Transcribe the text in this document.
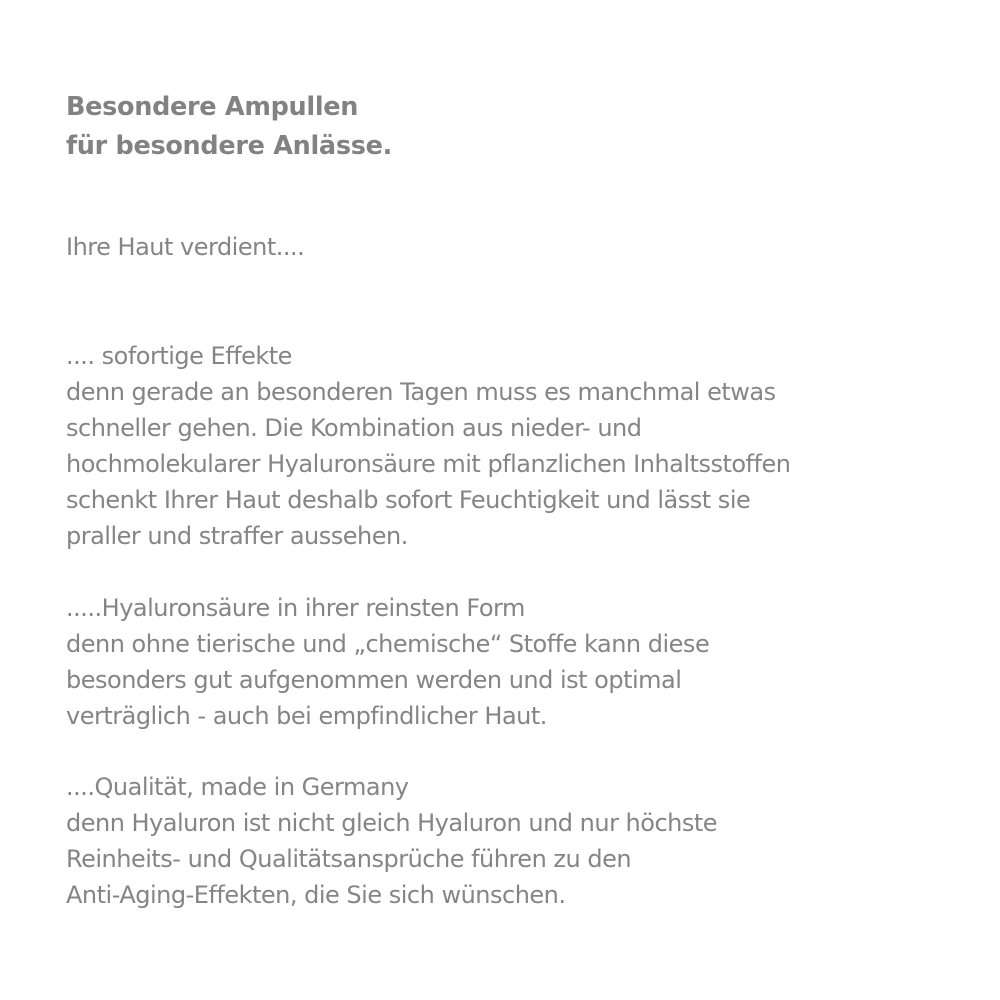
Besondere Ampullen
für besondere Anlässe.
Ihre Haut verdient....
.... sofortige Effekte
denn gerade an besonderen Tagen muss es manchmal etwas
schneller gehen. Die Kombination aus nieder- und
hochmolekularer Hyaluronsäure mit pflanzlichen Inhaltsstoffen
schenkt Ihrer Haut deshalb sofort Feuchtigkeit und lässt sie
praller und straffer aussehen.
.....Hyaluronsäure in ihrer reinsten Form
denn ohne tierische und „chemische“ Stoffe kann diese
besonders gut aufgenommen werden und ist optimal
verträglich - auch bei empfindlicher Haut.
....Qualität, made in Germany
denn Hyaluron ist nicht gleich Hyaluron und nur höchste
Reinheits- und Qualitätsansprüche führen zu den
Anti-Aging-Effekten, die Sie sich wünschen.
